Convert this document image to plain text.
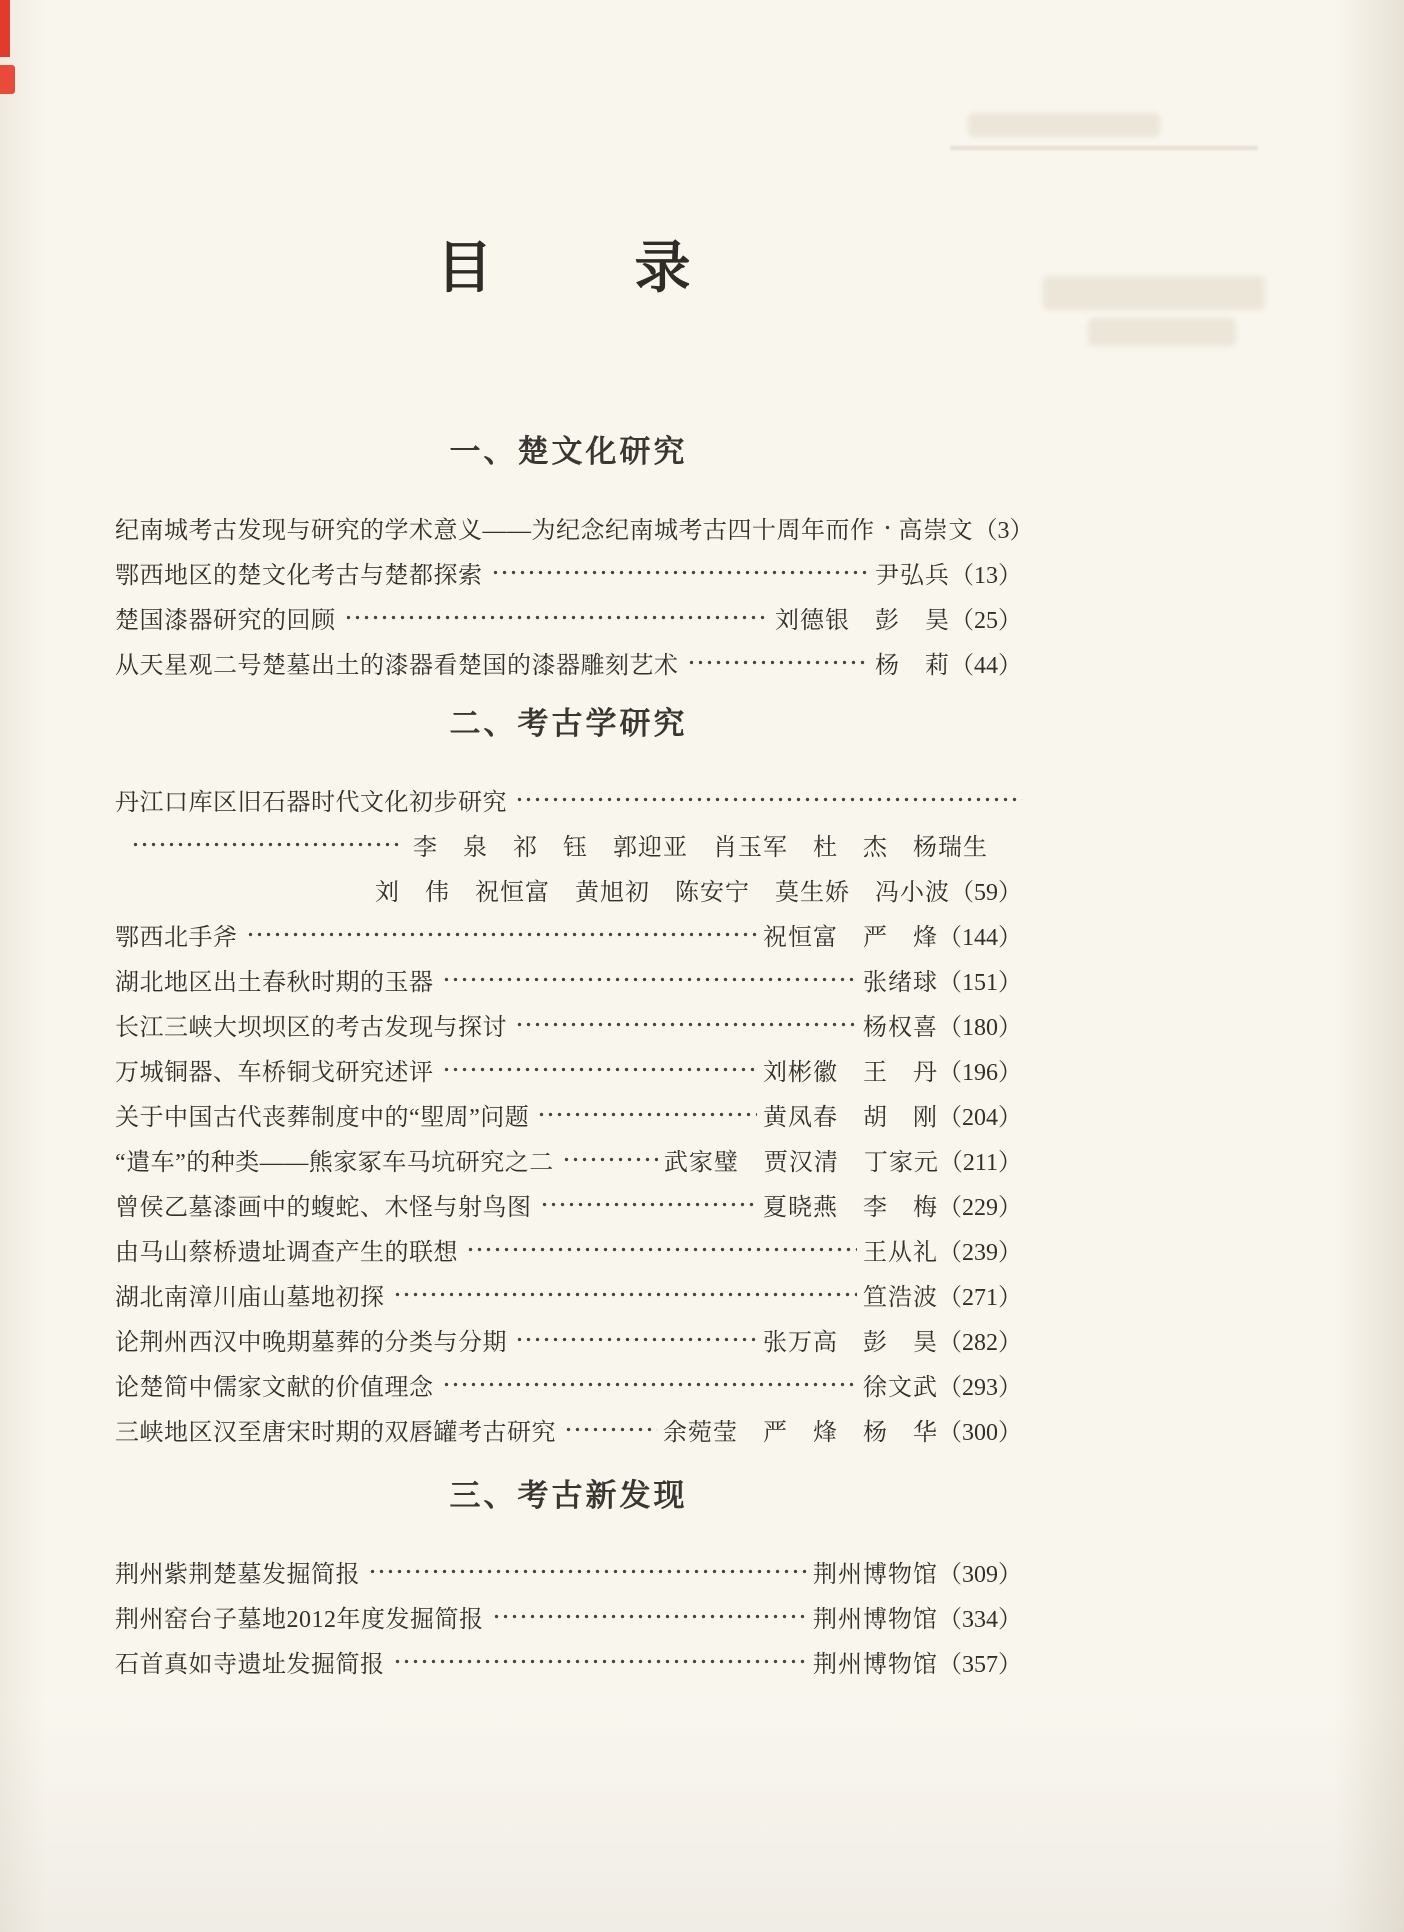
目　　录
一、楚文化研究
纪南城考古发现与研究的学术意义——为纪念纪南城考古四十周年而作 高崇文 （3）
鄂西地区的楚文化考古与楚都探索	尹弘兵 （13）
楚国漆器研究的回顾	刘德银　彭　昊 （25）
从天星观二号楚墓出土的漆器看楚国的漆器雕刻艺术	杨　莉 （44）
二、考古学研究
丹江口库区旧石器时代文化初步研究
李　泉　祁　钰　郭迎亚　肖玉军　杜　杰　杨瑞生
刘　伟　祝恒富　黄旭初　陈安宁　莫生娇　冯小波 （59）
鄂西北手斧	祝恒富　严　烽 （144）
湖北地区出土春秋时期的玉器	张绪球 （151）
长江三峡大坝坝区的考古发现与探讨	杨权喜 （180）
万城铜器、车桥铜戈研究述评	刘彬徽　王　丹 （196）
关于中国古代丧葬制度中的“堲周”问题	黄凤春　胡　刚 （204）
“遣车”的种类——熊家冢车马坑研究之二	武家璧　贾汉清　丁家元 （211）
曾侯乙墓漆画中的蝮蛇、木怪与射鸟图	夏晓燕　李　梅 （229）
由马山蔡桥遗址调查产生的联想	王从礼 （239）
湖北南漳川庙山墓地初探	笪浩波 （271）
论荆州西汉中晚期墓葬的分类与分期	张万高　彭　昊 （282）
论楚简中儒家文献的价值理念	徐文武 （293）
三峡地区汉至唐宋时期的双唇罐考古研究	余菀莹　严　烽　杨　华 （300）
三、考古新发现
荆州紫荆楚墓发掘简报	荆州博物馆 （309）
荆州窑台子墓地2012年度发掘简报	荆州博物馆 （334）
石首真如寺遗址发掘简报	荆州博物馆 （357）
